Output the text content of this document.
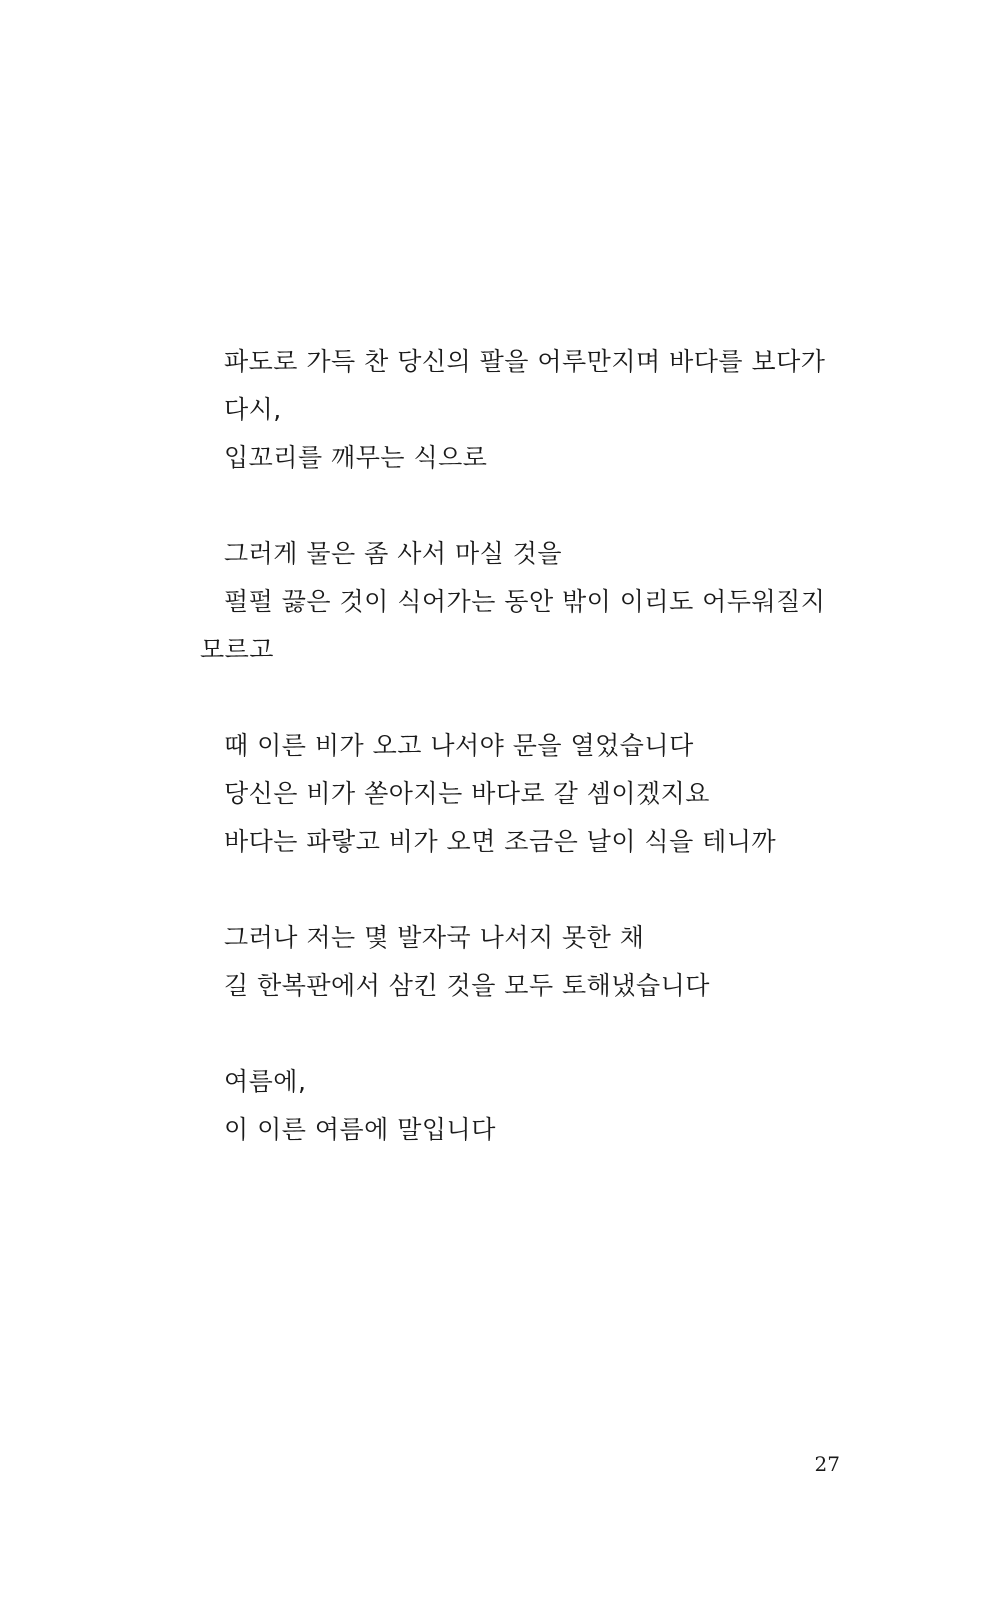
파도로 가득 찬 당신의 팔을 어루만지며 바다를 보다가
다시,
입꼬리를 깨무는 식으로
그러게 물은 좀 사서 마실 것을
펄펄 끓은 것이 식어가는 동안 밖이 이리도 어두워질지
모르고
때 이른 비가 오고 나서야 문을 열었습니다
당신은 비가 쏟아지는 바다로 갈 셈이겠지요
바다는 파랗고 비가 오면 조금은 날이 식을 테니까
그러나 저는 몇 발자국 나서지 못한 채
길 한복판에서 삼킨 것을 모두 토해냈습니다
여름에,
이 이른 여름에 말입니다
27
